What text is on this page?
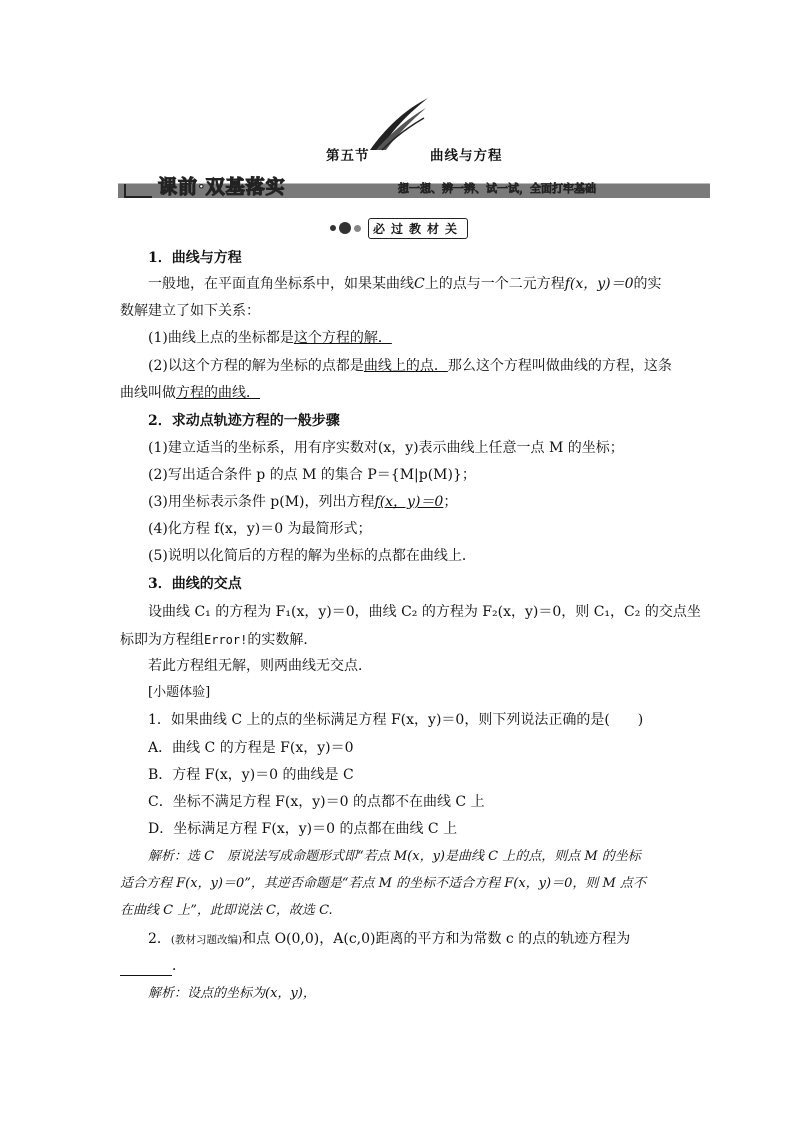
第五节	曲线与方程
课前·双基落实	想一想、辨一辨、试一试，全面打牢基础
必过教材关
1．曲线与方程
一般地，在平面直角坐标系中，如果某曲线C上的点与一个二元方程f(x，y)＝0的实
数解建立了如下关系：
(1)曲线上点的坐标都是这个方程的解．
(2)以这个方程的解为坐标的点都是曲线上的点．那么这个方程叫做曲线的方程，这条
曲线叫做方程的曲线．
2．求动点轨迹方程的一般步骤
(1)建立适当的坐标系，用有序实数对(x，y)表示曲线上任意一点 M 的坐标；
(2)写出适合条件 p 的点 M 的集合 P＝{M|p(M)}；
(3)用坐标表示条件 p(M)，列出方程f(x，y)＝0；
(4)化方程 f(x，y)＝0 为最简形式；
(5)说明以化简后的方程的解为坐标的点都在曲线上．
3．曲线的交点
设曲线 C₁ 的方程为 F₁(x，y)＝0，曲线 C₂ 的方程为 F₂(x，y)＝0，则 C₁，C₂ 的交点坐
标即为方程组Error!的实数解．
若此方程组无解，则两曲线无交点．
[小题体验]
1．如果曲线 C 上的点的坐标满足方程 F(x，y)＝0，则下列说法正确的是(　　)
A．曲线 C 的方程是 F(x，y)＝0
B．方程 F(x，y)＝0 的曲线是 C
C．坐标不满足方程 F(x，y)＝0 的点都不在曲线 C 上
D．坐标满足方程 F(x，y)＝0 的点都在曲线 C 上
解析：选 C　原说法写成命题形式即“若点 M(x，y)是曲线 C 上的点，则点 M 的坐标
适合方程 F(x，y)＝0”，其逆否命题是“若点 M 的坐标不适合方程 F(x，y)＝0，则 M 点不
在曲线 C 上”，此即说法 C，故选 C.
2．(教材习题改编)和点 O(0,0)，A(c,0)距离的平方和为常数 c 的点的轨迹方程为
．
解析：设点的坐标为(x，y)，
